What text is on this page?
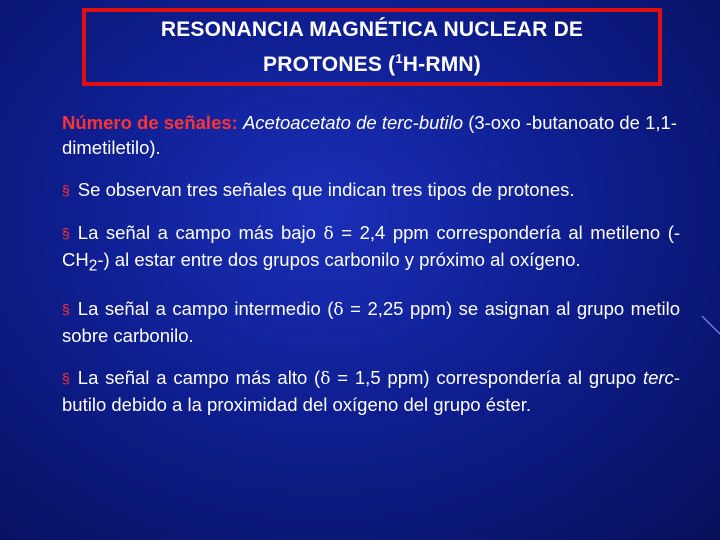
RESONANCIA MAGNÉTICA NUCLEAR DE
PROTONES ($^1$H-RMN)

Número de señales: Acetoacetato de terc-butilo (3-oxo -butanoato de 1,1-dimetiletilo).

§ Se observan tres señales que indican tres tipos de protones.

§ La señal a campo más bajo δ = 2,4 ppm correspondería al metileno $(-CH_2-)$ al estar entre dos grupos carbonilo y próximo al oxígeno.

§ La señal a campo intermedio (δ = 2,25 ppm) se asignan al grupo metilo sobre carbonilo.

§ La señal a campo más alto (δ = 1,5 ppm) correspondería al grupo terc-butilo debido a la proximidad del oxígeno del grupo éster.
